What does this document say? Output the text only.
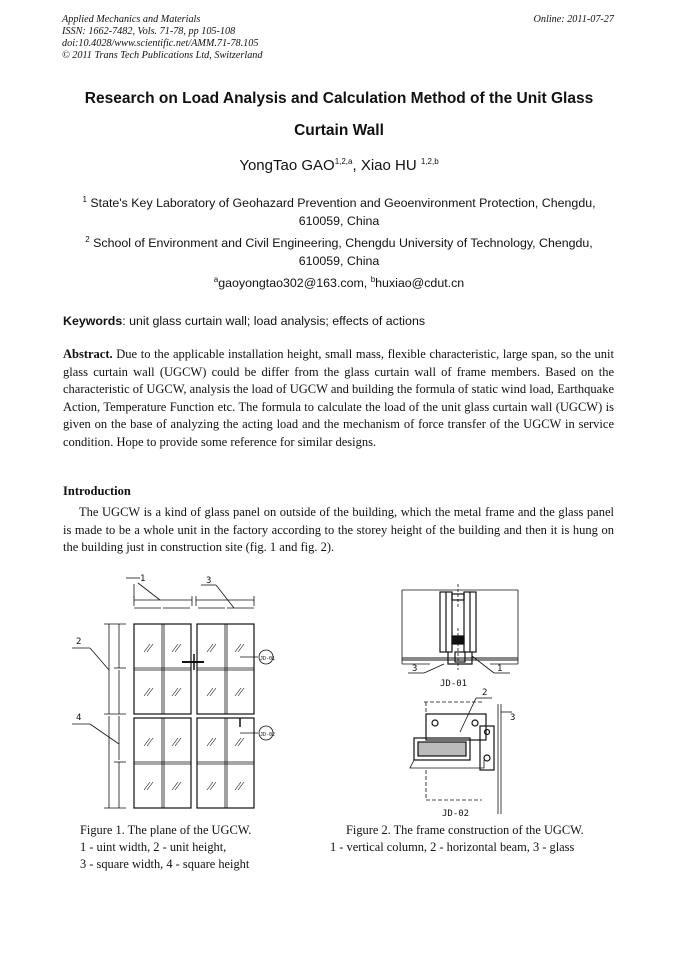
Applied Mechanics and Materials
ISSN: 1662-7482, Vols. 71-78, pp 105-108
doi:10.4028/www.scientific.net/AMM.71-78.105
© 2011 Trans Tech Publications Ltd, Switzerland
Online: 2011-07-27
Research on Load Analysis and Calculation Method of the Unit Glass
Curtain Wall
YongTao GAO$^{1,2,a}$, Xiao HU $^{1,2,b}$
$^1$ State's Key Laboratory of Geohazard Prevention and Geoenvironment Protection, Chengdu,
610059, China
$^2$ School of Environment and Civil Engineering, Chengdu University of Technology, Chengdu,
610059, China
$^a$gaoyongtao302@163.com, $^b$huxiao@cdut.cn
Keywords: unit glass curtain wall; load analysis; effects of actions
Abstract. Due to the applicable installation height, small mass, flexible characteristic, large span, so the unit glass curtain wall (UGCW) could be differ from the glass curtain wall of frame members. Based on the characteristic of UGCW, analysis the load of UGCW and building the formula of static wind load, Earthquake Action, Temperature Function etc. The formula to calculate the load of the unit glass curtain wall (UGCW) is given on the base of analyzing the acting load and the mechanism of force transfer of the UGCW in service condition. Hope to provide some reference for similar designs.
Introduction
The UGCW is a kind of glass panel on outside of the building, which the metal frame and the glass panel is made to be a whole unit in the factory according to the storey height of the building and then it is hung on the building just in construction site (fig. 1 and fig. 2).
1	3
2
4
JD-01
JD-02
3	1
JD-01
2
3
JD-02
Figure 1. The plane of the UGCW.
1 - uint width, 2 - unit height,
3 - square width, 4 - square height
Figure 2. The frame construction of the UGCW.
1 - vertical column, 2 - horizontal beam, 3 - glass
